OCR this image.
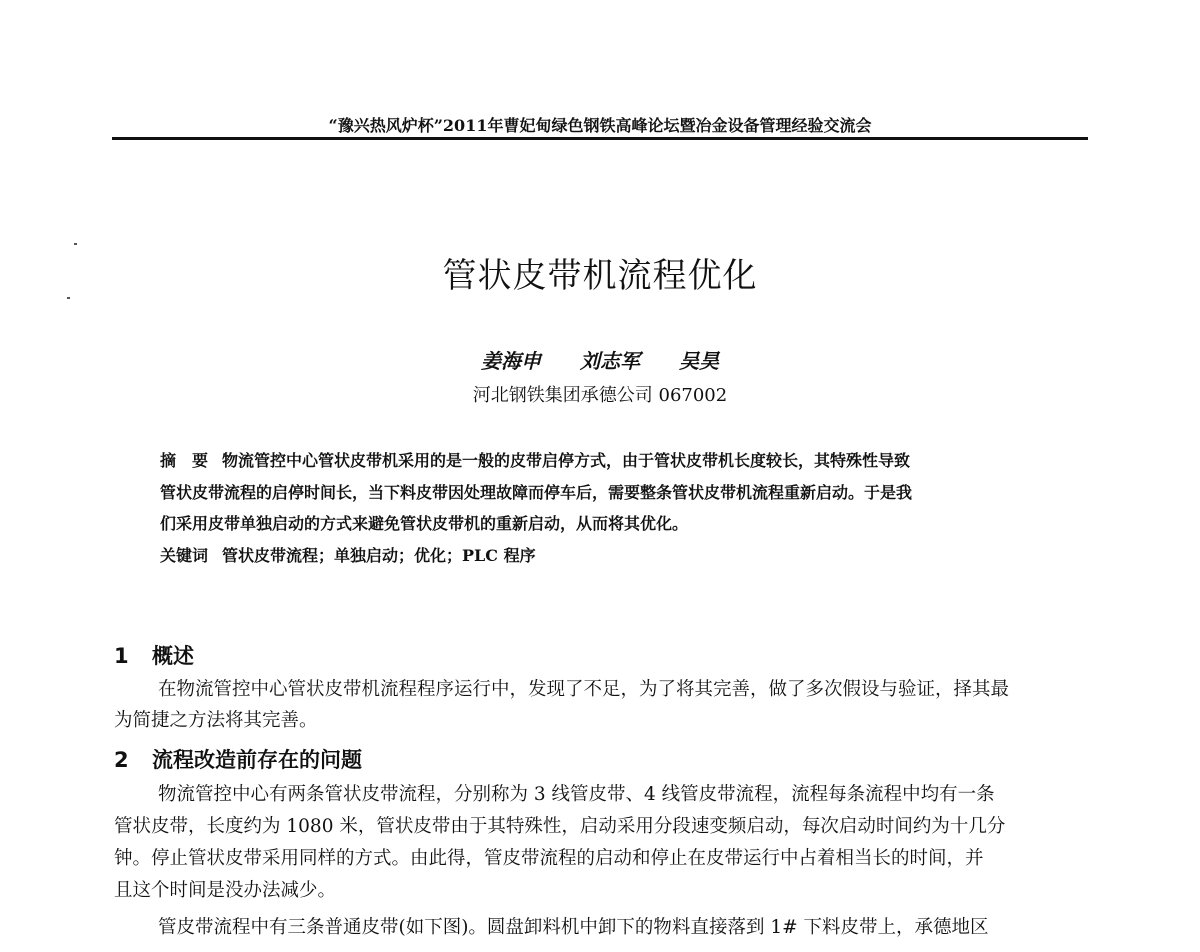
“豫兴热风炉杯”2011年曹妃甸绿色钢铁高峰论坛暨冶金设备管理经验交流会
管状皮带机流程优化
姜海申 刘志军 吴昊
河北钢铁集团承德公司 067002
摘　要 物流管控中心管状皮带机采用的是一般的皮带启停方式，由于管状皮带机长度较长，其特殊性导致
管状皮带流程的启停时间长，当下料皮带因处理故障而停车后，需要整条管状皮带机流程重新启动。于是我
们采用皮带单独启动的方式来避免管状皮带机的重新启动，从而将其优化。
关键词 管状皮带流程；单独启动；优化；PLC 程序
1 概述
在物流管控中心管状皮带机流程程序运行中，发现了不足，为了将其完善，做了多次假设与验证，择其最
为简捷之方法将其完善。
2 流程改造前存在的问题
物流管控中心有两条管状皮带流程，分别称为 3 线管皮带、4 线管皮带流程，流程每条流程中均有一条
管状皮带，长度约为 1080 米，管状皮带由于其特殊性，启动采用分段速变频启动，每次启动时间约为十几分
钟。停止管状皮带采用同样的方式。由此得，管皮带流程的启动和停止在皮带运行中占着相当长的时间，并
且这个时间是没办法减少。
管皮带流程中有三条普通皮带(如下图)。圆盘卸料机中卸下的物料直接落到 1# 下料皮带上，承德地区
